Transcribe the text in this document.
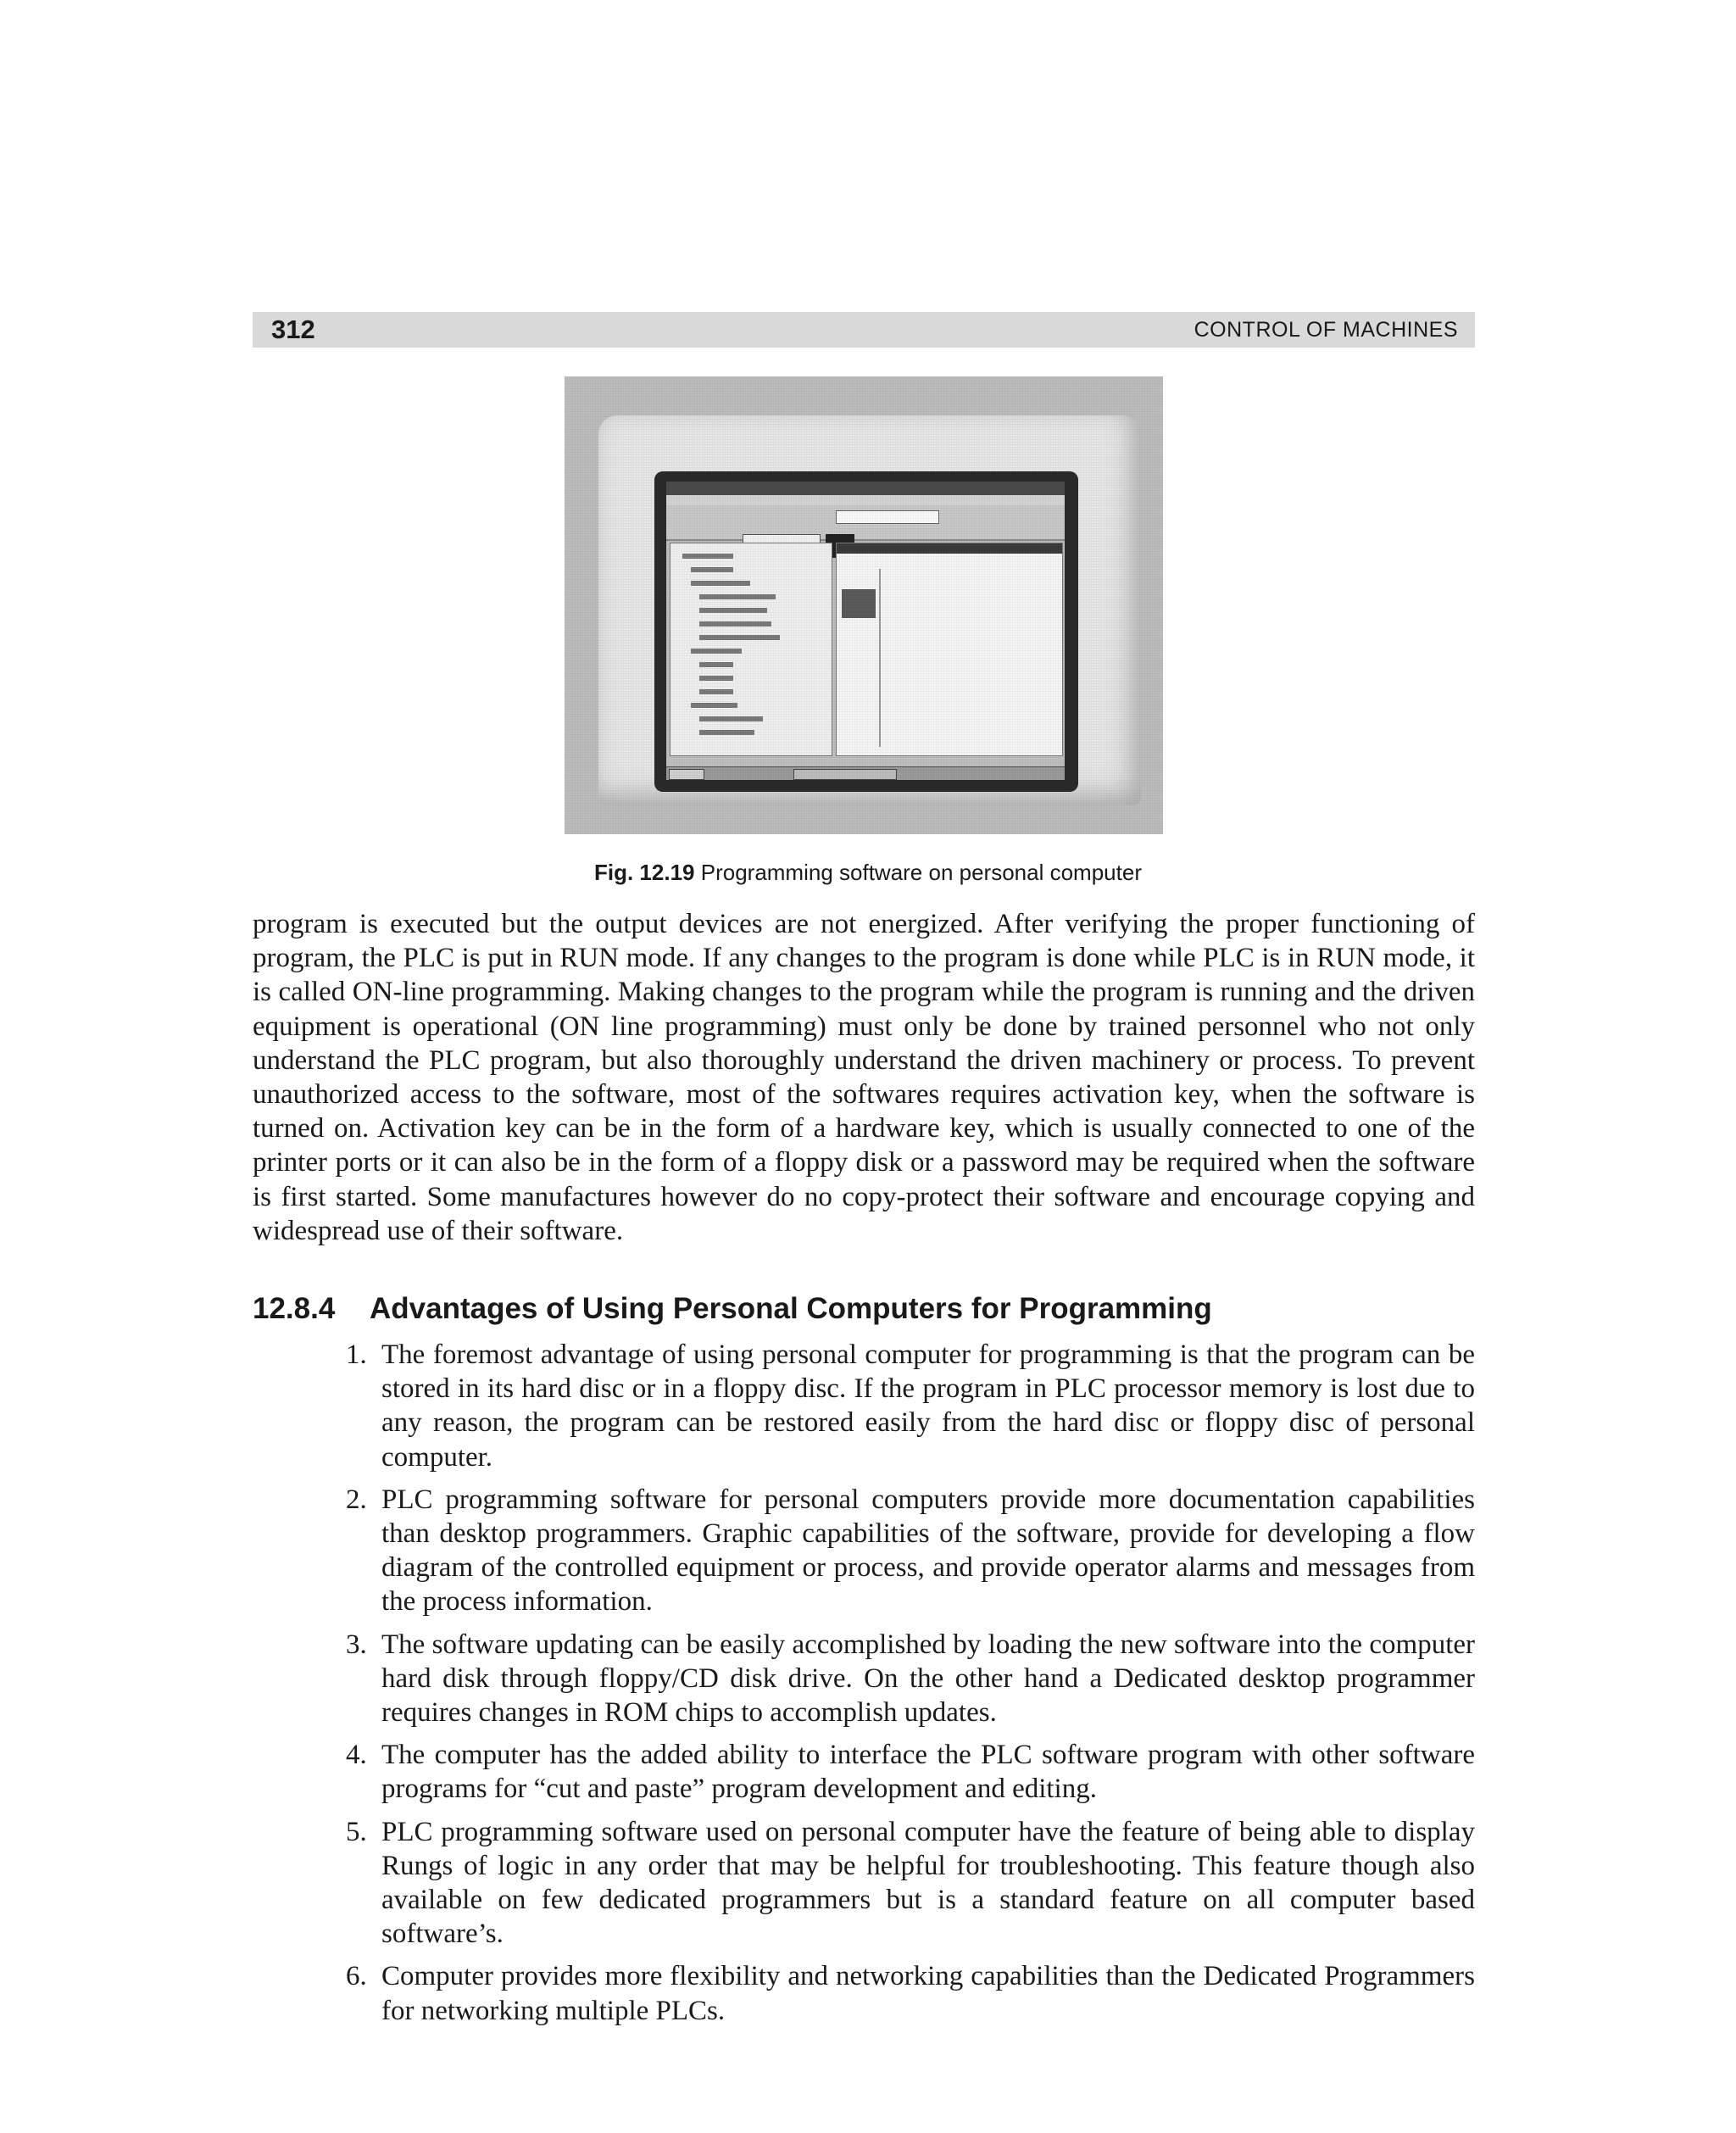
312	CONTROL OF MACHINES
Fig. 12.19 Programming software on personal computer
program is executed but the output devices are not energized. After verifying the proper functioning of program, the PLC is put in RUN mode. If any changes to the program is done while PLC is in RUN mode, it is called ON-line programming. Making changes to the program while the program is running and the driven equipment is operational (ON line programming) must only be done by trained personnel who not only understand the PLC program, but also thoroughly understand the driven machinery or process. To prevent unauthorized access to the software, most of the softwares requires activation key, when the software is turned on. Activation key can be in the form of a hardware key, which is usually connected to one of the printer ports or it can also be in the form of a floppy disk or a password may be required when the software is first started. Some manufactures however do no copy-protect their software and encourage copying and widespread use of their software.
12.8.4 Advantages of Using Personal Computers for Programming
1. The foremost advantage of using personal computer for programming is that the program can be stored in its hard disc or in a floppy disc. If the program in PLC processor memory is lost due to any reason, the program can be restored easily from the hard disc or floppy disc of personal computer.
2. PLC programming software for personal computers provide more documentation capabilities than desktop programmers. Graphic capabilities of the software, provide for developing a flow diagram of the controlled equipment or process, and provide operator alarms and messages from the process information.
3. The software updating can be easily accomplished by loading the new software into the computer hard disk through floppy/CD disk drive. On the other hand a Dedicated desktop programmer requires changes in ROM chips to accomplish updates.
4. The computer has the added ability to interface the PLC software program with other software programs for “cut and paste” program development and editing.
5. PLC programming software used on personal computer have the feature of being able to display Rungs of logic in any order that may be helpful for troubleshooting. This feature though also available on few dedicated programmers but is a standard feature on all computer based software’s.
6. Computer provides more flexibility and networking capabilities than the Dedicated Programmers for networking multiple PLCs.
